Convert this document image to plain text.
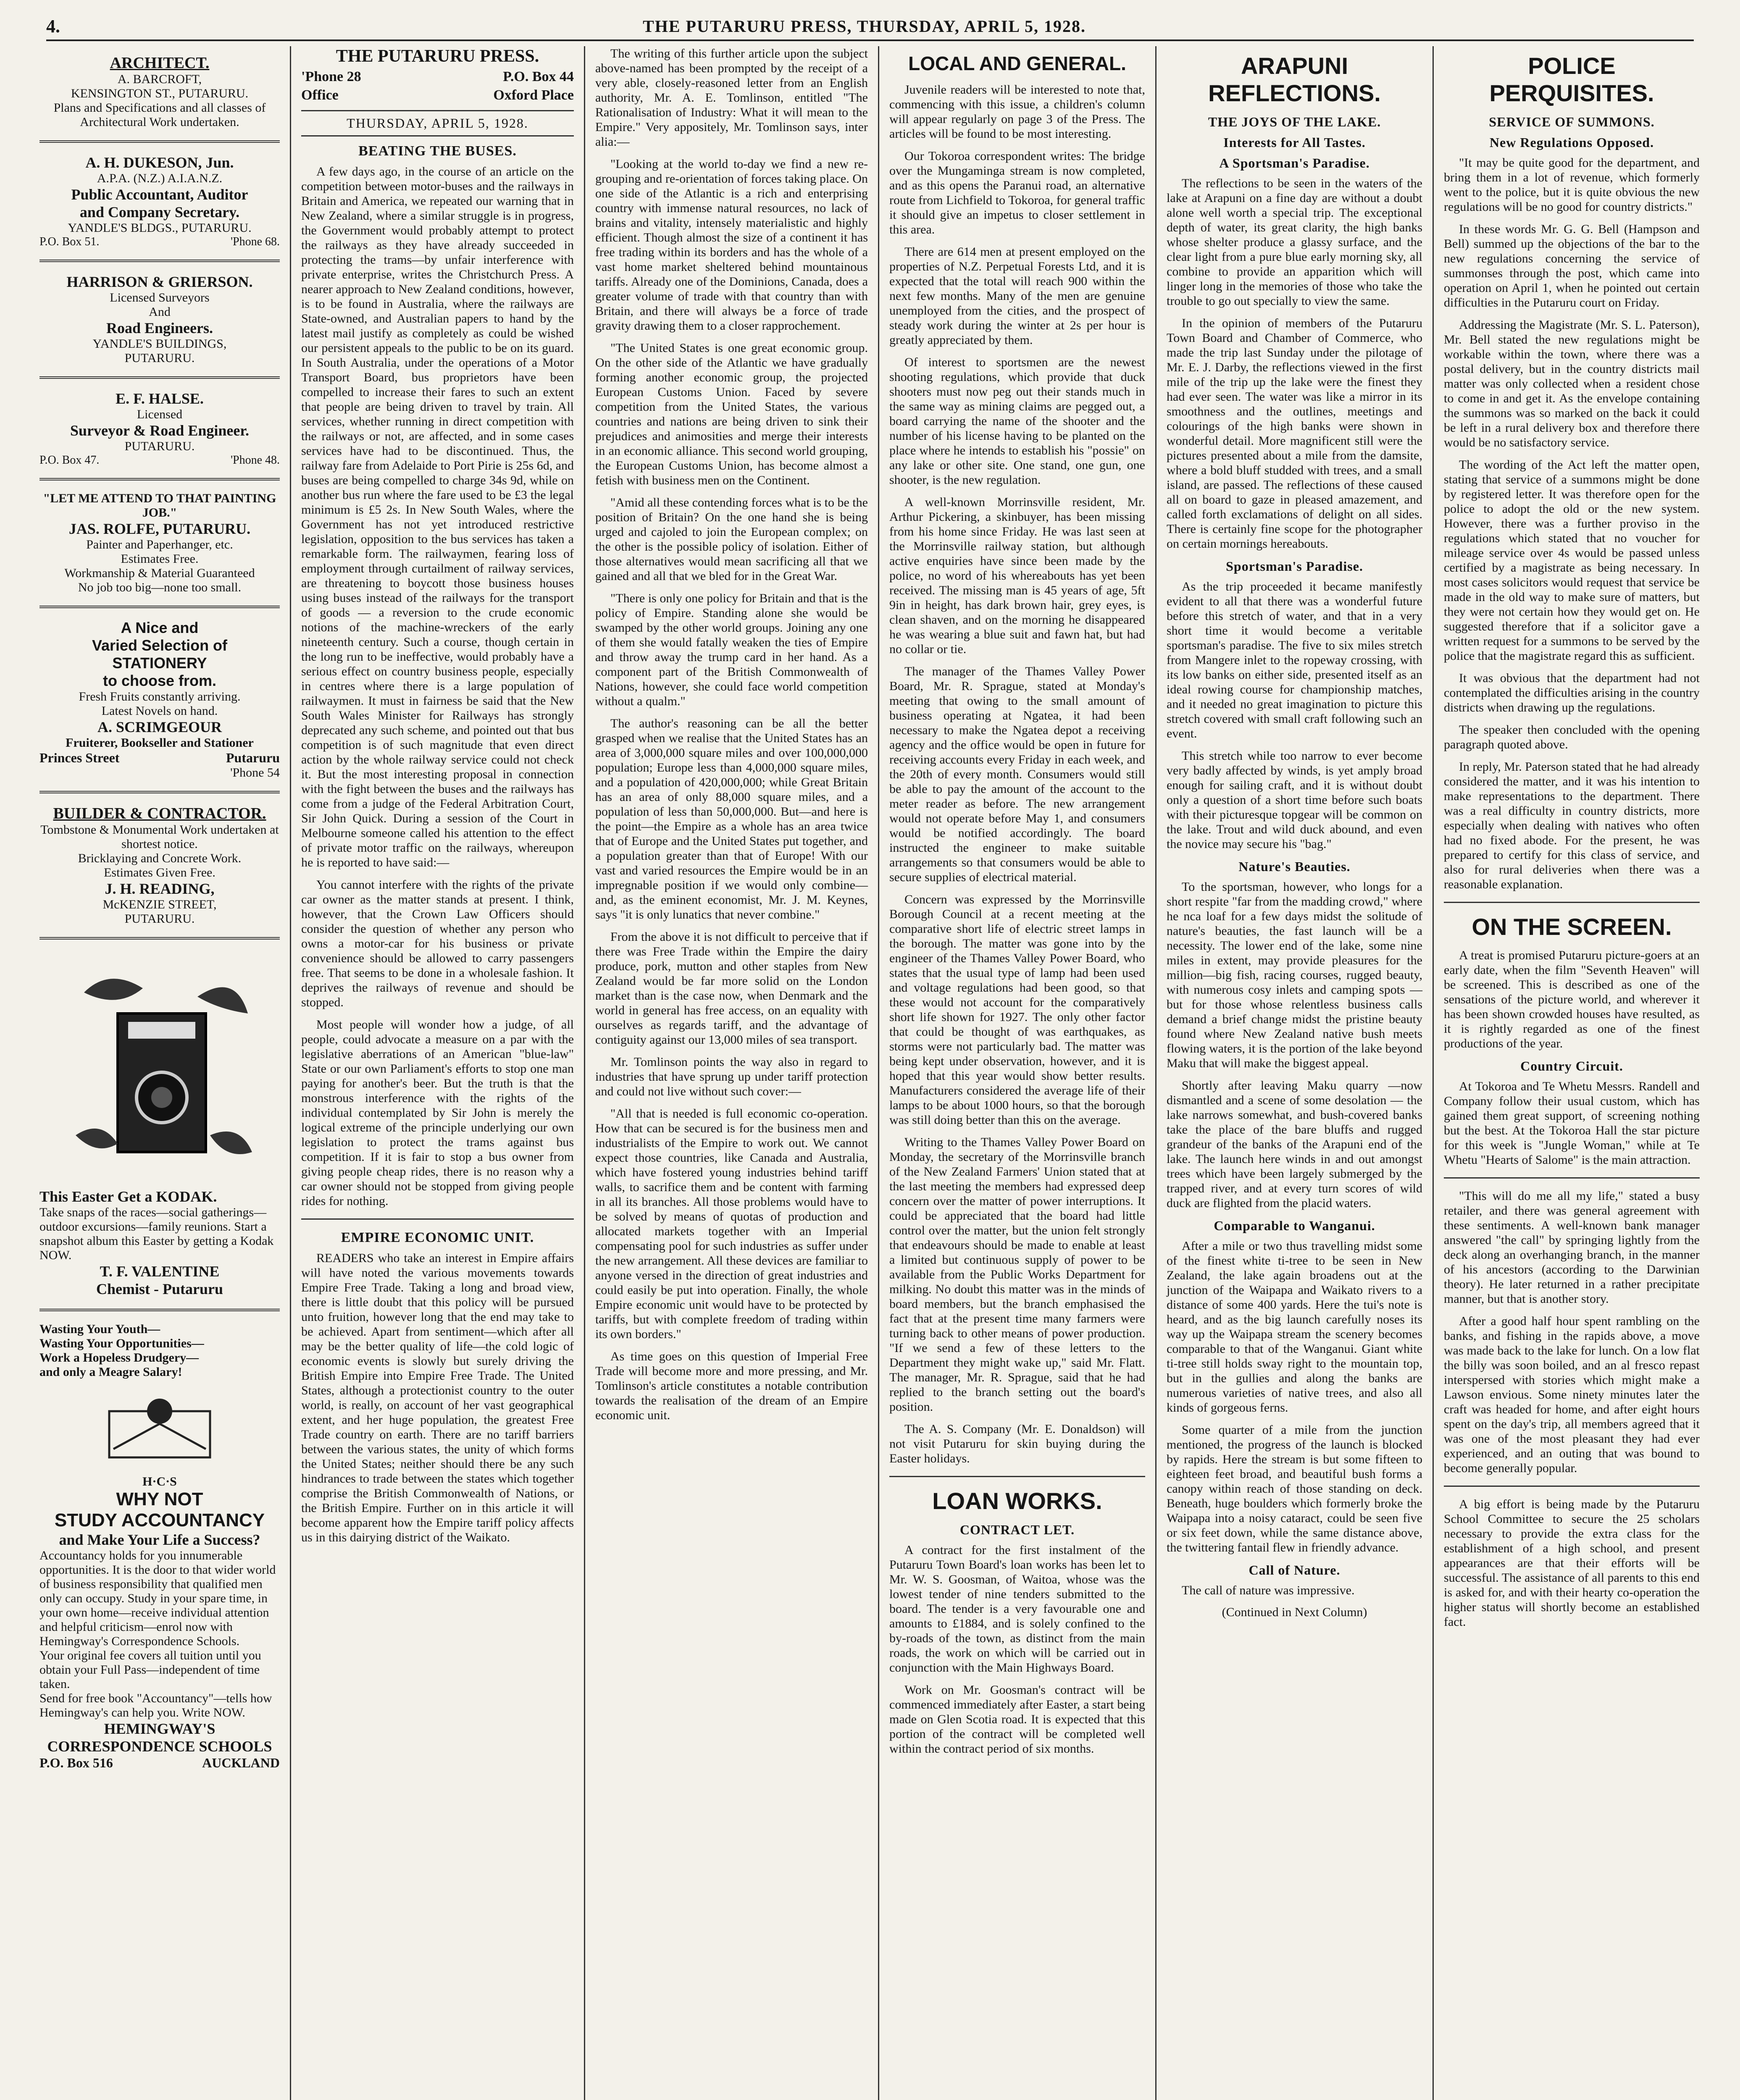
4.	THE PUTARURU PRESS, THURSDAY, APRIL 5, 1928.
ARCHITECT.
A. BARCROFT,
KENSINGTON ST., PUTARURU.
Plans and Specifications and all classes of Architectural Work undertaken.
A. H. DUKESON, Jun.
A.P.A. (N.Z.) A.I.A.N.Z.
Public Accountant, Auditor
and Company Secretary.
YANDLE'S BLDGS., PUTARURU.
P.O. Box 51.	'Phone 68.
HARRISON & GRIERSON.
Licensed Surveyors
And
Road Engineers.
YANDLE'S BUILDINGS,
PUTARURU.
E. F. HALSE.
Licensed
Surveyor & Road Engineer.
PUTARURU.
P.O. Box 47.	'Phone 48.
"LET ME ATTEND TO THAT PAINTING JOB."
JAS. ROLFE, PUTARURU.
Painter and Paperhanger, etc.
Estimates Free.
Workmanship & Material Guaranteed
No job too big—none too small.
A Nice and
Varied Selection of
STATIONERY
to choose from.
Fresh Fruits constantly arriving.
Latest Novels on hand.
A. SCRIMGEOUR
Fruiterer, Bookseller and Stationer
Princes Street	Putaruru
'Phone 54
BUILDER & CONTRACTOR.
Tombstone & Monumental Work undertaken at shortest notice.
Bricklaying and Concrete Work.
Estimates Given Free.
J. H. READING,
McKENZIE STREET,
PUTARURU.
This Easter Get a KODAK.
Take snaps of the races—social gatherings—outdoor excursions—family reunions. Start a snapshot album this Easter by getting a Kodak NOW.
T. F. VALENTINE
Chemist - Putaruru
Wasting Your Youth—
Wasting Your Opportunities—
Work a Hopeless Drudgery—
and only a Meagre Salary!
H·C·S
WHY NOT
STUDY ACCOUNTANCY
and Make Your Life a Success?
Accountancy holds for you innumerable opportunities. It is the door to that wider world of business responsibility that qualified men only can occupy. Study in your spare time, in your own home—receive individual attention and helpful criticism—enrol now with Hemingway's Correspondence Schools.
Your original fee covers all tuition until you obtain your Full Pass—independent of time taken.
Send for free book "Accountancy"—tells how Hemingway's can help you. Write NOW.
HEMINGWAY'S
CORRESPONDENCE SCHOOLS
P.O. Box 516	AUCKLAND
THE PUTARURU PRESS.
'Phone 28	P.O. Box 44
Office	Oxford Place
THURSDAY, APRIL 5, 1928.
BEATING THE BUSES.

A few days ago, in the course of an article on the competition between motor-buses and the railways in Britain and America, we repeated our warning that in New Zealand, where a similar struggle is in progress, the Government would probably attempt to protect the railways as they have already succeeded in protecting the trams—by unfair interference with private enterprise, writes the Christchurch Press. A nearer approach to New Zealand conditions, however, is to be found in Australia, where the railways are State-owned, and Australian papers to hand by the latest mail justify as completely as could be wished our persistent appeals to the public to be on its guard. In South Australia, under the operations of a Motor Transport Board, bus proprietors have been compelled to increase their fares to such an extent that people are being driven to travel by train. All services, whether running in direct competition with the railways or not, are affected, and in some cases services have had to be discontinued. Thus, the railway fare from Adelaide to Port Pirie is 25s 6d, and buses are being compelled to charge 34s 9d, while on another bus run where the fare used to be £3 the legal minimum is £5 2s. In New South Wales, where the Government has not yet introduced restrictive legislation, opposition to the bus services has taken a remarkable form. The railwaymen, fearing loss of employment through curtailment of railway services, are threatening to boycott those business houses using buses instead of the railways for the transport of goods — a reversion to the crude economic notions of the machine-wreckers of the early nineteenth century. Such a course, though certain in the long run to be ineffective, would probably have a serious effect on country business people, especially in centres where there is a large population of railwaymen. It must in fairness be said that the New South Wales Minister for Railways has strongly deprecated any such scheme, and pointed out that bus competition is of such magnitude that even direct action by the whole railway service could not check it. But the most interesting proposal in connection with the fight between the buses and the railways has come from a judge of the Federal Arbitration Court, Sir John Quick. During a session of the Court in Melbourne someone called his attention to the effect of private motor traffic on the railways, whereupon he is reported to have said:—

You cannot interfere with the rights of the private car owner as the matter stands at present. I think, however, that the Crown Law Officers should consider the question of whether any person who owns a motor-car for his business or private convenience should be allowed to carry passengers free. That seems to be done in a wholesale fashion. It deprives the railways of revenue and should be stopped.

Most people will wonder how a judge, of all people, could advocate a measure on a par with the legislative aberrations of an American "blue-law" State or our own Parliament's efforts to stop one man paying for another's beer. But the truth is that the monstrous interference with the rights of the individual contemplated by Sir John is merely the logical extreme of the principle underlying our own legislation to protect the trams against bus competition. If it is fair to stop a bus owner from giving people cheap rides, there is no reason why a car owner should not be stopped from giving people rides for nothing.

EMPIRE ECONOMIC UNIT.

READERS who take an interest in Empire affairs will have noted the various movements towards Empire Free Trade. Taking a long and broad view, there is little doubt that this policy will be pursued unto fruition, however long that the end may take to be achieved. Apart from sentiment—which after all may be the better quality of life—the cold logic of economic events is slowly but surely driving the British Empire into Empire Free Trade. The United States, although a protectionist country to the outer world, is really, on account of her vast geographical extent, and her huge population, the greatest Free Trade country on earth. There are no tariff barriers between the various states, the unity of which forms the United States; neither should there be any such hindrances to trade between the states which together comprise the British Commonwealth of Nations, or the British Empire. Further on in this article it will become apparent how the Empire tariff policy affects us in this dairying district of the Waikato.

The writing of this further article upon the subject above-named has been prompted by the receipt of a very able, closely-reasoned letter from an English authority, Mr. A. E. Tomlinson, entitled "The Rationalisation of Industry: What it will mean to the Empire." Very appositely, Mr. Tomlinson says, inter alia:—

"Looking at the world to-day we find a new re-grouping and re-orientation of forces taking place. On one side of the Atlantic is a rich and enterprising country with immense natural resources, no lack of brains and vitality, intensely materialistic and highly efficient. Though almost the size of a continent it has free trading within its borders and has the whole of a vast home market sheltered behind mountainous tariffs. Already one of the Dominions, Canada, does a greater volume of trade with that country than with Britain, and there will always be a force of trade gravity drawing them to a closer rapprochement.

"The United States is one great economic group. On the other side of the Atlantic we have gradually forming another economic group, the projected European Customs Union. Faced by severe competition from the United States, the various countries and nations are being driven to sink their prejudices and animosities and merge their interests in an economic alliance. This second world grouping, the European Customs Union, has become almost a fetish with business men on the Continent.

"Amid all these contending forces what is to be the position of Britain? On the one hand she is being urged and cajoled to join the European complex; on the other is the possible policy of isolation. Either of those alternatives would mean sacrificing all that we gained and all that we bled for in the Great War.

"There is only one policy for Britain and that is the policy of Empire. Standing alone she would be swamped by the other world groups. Joining any one of them she would fatally weaken the ties of Empire and throw away the trump card in her hand. As a component part of the British Commonwealth of Nations, however, she could face world competition without a qualm."

The author's reasoning can be all the better grasped when we realise that the United States has an area of 3,000,000 square miles and over 100,000,000 population; Europe less than 4,000,000 square miles, and a population of 420,000,000; while Great Britain has an area of only 88,000 square miles, and a population of less than 50,000,000. But—and here is the point—the Empire as a whole has an area twice that of Europe and the United States put together, and a population greater than that of Europe! With our vast and varied resources the Empire would be in an impregnable position if we would only combine—and, as the eminent economist, Mr. J. M. Keynes, says "it is only lunatics that never combine."

From the above it is not difficult to perceive that if there was Free Trade within the Empire the dairy produce, pork, mutton and other staples from New Zealand would be far more solid on the London market than is the case now, when Denmark and the world in general has free access, on an equality with ourselves as regards tariff, and the advantage of contiguity against our 13,000 miles of sea transport.

Mr. Tomlinson points the way also in regard to industries that have sprung up under tariff protection and could not live without such cover:—

"All that is needed is full economic co-operation. How that can be secured is for the business men and industrialists of the Empire to work out. We cannot expect those countries, like Canada and Australia, which have fostered young industries behind tariff walls, to sacrifice them and be content with farming in all its branches. All those problems would have to be solved by means of quotas of production and allocated markets together with an Imperial compensating pool for such industries as suffer under the new arrangement. All these devices are familiar to anyone versed in the direction of great industries and could easily be put into operation. Finally, the whole Empire economic unit would have to be protected by tariffs, but with complete freedom of trading within its own borders."

As time goes on this question of Imperial Free Trade will become more and more pressing, and Mr. Tomlinson's article constitutes a notable contribution towards the realisation of the dream of an Empire economic unit.

LOCAL AND GENERAL.

Juvenile readers will be interested to note that, commencing with this issue, a children's column will appear regularly on page 3 of the Press. The articles will be found to be most interesting.

Our Tokoroa correspondent writes: The bridge over the Mungaminga stream is now completed, and as this opens the Paranui road, an alternative route from Lichfield to Tokoroa, for general traffic it should give an impetus to closer settlement in this area.

There are 614 men at present employed on the properties of N.Z. Perpetual Forests Ltd, and it is expected that the total will reach 900 within the next few months. Many of the men are genuine unemployed from the cities, and the prospect of steady work during the winter at 2s per hour is greatly appreciated by them.

Of interest to sportsmen are the newest shooting regulations, which provide that duck shooters must now peg out their stands much in the same way as mining claims are pegged out, a board carrying the name of the shooter and the number of his license having to be planted on the place where he intends to establish his "possie" on any lake or other site. One stand, one gun, one shooter, is the new regulation.

A well-known Morrinsville resident, Mr. Arthur Pickering, a skinbuyer, has been missing from his home since Friday. He was last seen at the Morrinsville railway station, but although active enquiries have since been made by the police, no word of his whereabouts has yet been received. The missing man is 45 years of age, 5ft 9in in height, has dark brown hair, grey eyes, is clean shaven, and on the morning he disappeared he was wearing a blue suit and fawn hat, but had no collar or tie.

The manager of the Thames Valley Power Board, Mr. R. Sprague, stated at Monday's meeting that owing to the small amount of business operating at Ngatea, it had been necessary to make the Ngatea depot a receiving agency and the office would be open in future for receiving accounts every Friday in each week, and the 20th of every month. Consumers would still be able to pay the amount of the account to the meter reader as before. The new arrangement would not operate before May 1, and consumers would be notified accordingly. The board instructed the engineer to make suitable arrangements so that consumers would be able to secure supplies of electrical material.

Concern was expressed by the Morrinsville Borough Council at a recent meeting at the comparative short life of electric street lamps in the borough. The matter was gone into by the engineer of the Thames Valley Power Board, who states that the usual type of lamp had been used and voltage regulations had been good, so that these would not account for the comparatively short life shown for 1927. The only other factor that could be thought of was earthquakes, as storms were not particularly bad. The matter was being kept under observation, however, and it is hoped that this year would show better results. Manufacturers considered the average life of their lamps to be about 1000 hours, so that the borough was still doing better than this on the average.

Writing to the Thames Valley Power Board on Monday, the secretary of the Morrinsville branch of the New Zealand Farmers' Union stated that at the last meeting the members had expressed deep concern over the matter of power interruptions. It could be appreciated that the board had little control over the matter, but the union felt strongly that endeavours should be made to enable at least a limited but continuous supply of power to be available from the Public Works Department for milking. No doubt this matter was in the minds of board members, but the branch emphasised the fact that at the present time many farmers were turning back to other means of power production. "If we send a few of these letters to the Department they might wake up," said Mr. Flatt. The manager, Mr. R. Sprague, said that he had replied to the branch setting out the board's position.

The A. S. Company (Mr. E. Donaldson) will not visit Putaruru for skin buying during the Easter holidays.

LOAN WORKS.
CONTRACT LET.

A contract for the first instalment of the Putaruru Town Board's loan works has been let to Mr. W. S. Goosman, of Waitoa, whose was the lowest tender of nine tenders submitted to the board. The tender is a very favourable one and amounts to £1884, and is solely confined to the by-roads of the town, as distinct from the main roads, the work on which will be carried out in conjunction with the Main Highways Board.

Work on Mr. Goosman's contract will be commenced immediately after Easter, a start being made on Glen Scotia road. It is expected that this portion of the contract will be completed well within the contract period of six months.

ARAPUNI REFLECTIONS.
THE JOYS OF THE LAKE.
Interests for All Tastes.
A Sportsman's Paradise.

The reflections to be seen in the waters of the lake at Arapuni on a fine day are without a doubt alone well worth a special trip. The exceptional depth of water, its great clarity, the high banks whose shelter produce a glassy surface, and the clear light from a pure blue early morning sky, all combine to provide an apparition which will linger long in the memories of those who take the trouble to go out specially to view the same.

In the opinion of members of the Putaruru Town Board and Chamber of Commerce, who made the trip last Sunday under the pilotage of Mr. E. J. Darby, the reflections viewed in the first mile of the trip up the lake were the finest they had ever seen. The water was like a mirror in its smoothness and the outlines, meetings and colourings of the high banks were shown in wonderful detail. More magnificent still were the pictures presented about a mile from the damsite, where a bold bluff studded with trees, and a small island, are passed. The reflections of these caused all on board to gaze in pleased amazement, and called forth exclamations of delight on all sides. There is certainly fine scope for the photographer on certain mornings hereabouts.

Sportsman's Paradise.

As the trip proceeded it became manifestly evident to all that there was a wonderful future before this stretch of water, and that in a very short time it would become a veritable sportsman's paradise. The five to six miles stretch from Mangere inlet to the ropeway crossing, with its low banks on either side, presented itself as an ideal rowing course for championship matches, and it needed no great imagination to picture this stretch covered with small craft following such an event.

This stretch while too narrow to ever become very badly affected by winds, is yet amply broad enough for sailing craft, and it is without doubt only a question of a short time before such boats with their picturesque topgear will be common on the lake. Trout and wild duck abound, and even the novice may secure his "bag."

Nature's Beauties.

To the sportsman, however, who longs for a short respite "far from the madding crowd," where he nca loaf for a few days midst the solitude of nature's beauties, the fast launch will be a necessity. The lower end of the lake, some nine miles in extent, may provide pleasures for the million—big fish, racing courses, rugged beauty, with numerous cosy inlets and camping spots —but for those whose relentless business calls demand a brief change midst the pristine beauty found where New Zealand native bush meets flowing waters, it is the portion of the lake beyond Maku that will make the biggest appeal.

Shortly after leaving Maku quarry —now dismantled and a scene of some desolation — the lake narrows somewhat, and bush-covered banks take the place of the bare bluffs and rugged grandeur of the banks of the Arapuni end of the lake. The launch here winds in and out amongst trees which have been largely submerged by the trapped river, and at every turn scores of wild duck are flighted from the placid waters.

Comparable to Wanganui.

After a mile or two thus travelling midst some of the finest white ti-tree to be seen in New Zealand, the lake again broadens out at the junction of the Waipapa and Waikato rivers to a distance of some 400 yards. Here the tui's note is heard, and as the big launch carefully noses its way up the Waipapa stream the scenery becomes comparable to that of the Wanganui. Giant white ti-tree still holds sway right to the mountain top, but in the gullies and along the banks are numerous varieties of native trees, and also all kinds of gorgeous ferns.

Some quarter of a mile from the junction mentioned, the progress of the launch is blocked by rapids. Here the stream is but some fifteen to eighteen feet broad, and beautiful bush forms a canopy within reach of those standing on deck. Beneath, huge boulders which formerly broke the Waipapa into a noisy cataract, could be seen five or six feet down, while the same distance above, the twittering fantail flew in friendly advance.

Call of Nature.

The call of nature was impressive.

(Continued in Next Column)
POLICE PERQUISITES.
SERVICE OF SUMMONS.
New Regulations Opposed.

"It may be quite good for the department, and bring them in a lot of revenue, which formerly went to the police, but it is quite obvious the new regulations will be no good for country districts."

In these words Mr. G. G. Bell (Hampson and Bell) summed up the objections of the bar to the new regulations concerning the service of summonses through the post, which came into operation on April 1, when he pointed out certain difficulties in the Putaruru court on Friday.

Addressing the Magistrate (Mr. S. L. Paterson), Mr. Bell stated the new regulations might be workable within the town, where there was a postal delivery, but in the country districts mail matter was only collected when a resident chose to come in and get it. As the envelope containing the summons was so marked on the back it could be left in a rural delivery box and therefore there would be no satisfactory service.

The wording of the Act left the matter open, stating that service of a summons might be done by registered letter. It was therefore open for the police to adopt the old or the new system. However, there was a further proviso in the regulations which stated that no voucher for mileage service over 4s would be passed unless certified by a magistrate as being necessary. In most cases solicitors would request that service be made in the old way to make sure of matters, but they were not certain how they would get on. He suggested therefore that if a solicitor gave a written request for a summons to be served by the police that the magistrate regard this as sufficient.

It was obvious that the department had not contemplated the difficulties arising in the country districts when drawing up the regulations.

The speaker then concluded with the opening paragraph quoted above.

In reply, Mr. Paterson stated that he had already considered the matter, and it was his intention to make representations to the department. There was a real difficulty in country districts, more especially when dealing with natives who often had no fixed abode. For the present, he was prepared to certify for this class of service, and also for rural deliveries when there was a reasonable explanation.

ON THE SCREEN.

A treat is promised Putaruru picture-goers at an early date, when the film "Seventh Heaven" will be screened. This is described as one of the sensations of the picture world, and wherever it has been shown crowded houses have resulted, as it is rightly regarded as one of the finest productions of the year.

Country Circuit.

At Tokoroa and Te Whetu Messrs. Randell and Company follow their usual custom, which has gained them great support, of screening nothing but the best. At the Tokoroa Hall the star picture for this week is "Jungle Woman," while at Te Whetu "Hearts of Salome" is the main attraction.

"This will do me all my life," stated a busy retailer, and there was general agreement with these sentiments. A well-known bank manager answered "the call" by springing lightly from the deck along an overhanging branch, in the manner of his ancestors (according to the Darwinian theory). He later returned in a rather precipitate manner, but that is another story.

After a good half hour spent rambling on the banks, and fishing in the rapids above, a move was made back to the lake for lunch. On a low flat the billy was soon boiled, and an al fresco repast interspersed with stories which might make a Lawson envious. Some ninety minutes later the craft was headed for home, and after eight hours spent on the day's trip, all members agreed that it was one of the most pleasant they had ever experienced, and an outing that was bound to become generally popular.

A big effort is being made by the Putaruru School Committee to secure the 25 scholars necessary to provide the extra class for the establishment of a high school, and present appearances are that their efforts will be successful. The assistance of all parents to this end is asked for, and with their hearty co-operation the higher status will shortly become an established fact.
